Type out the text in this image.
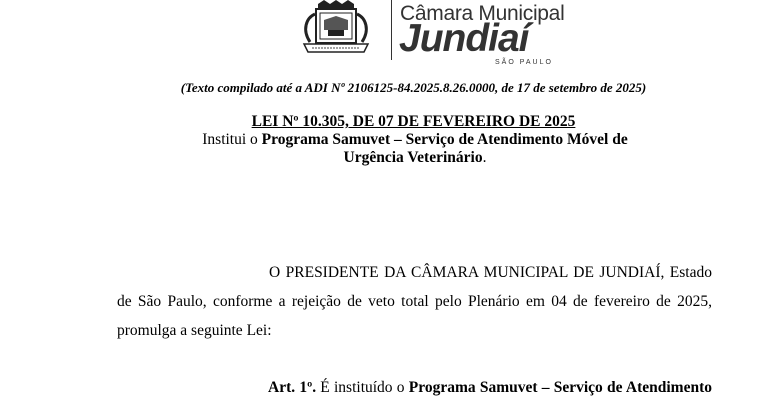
Câmara Municipal
Jundiaí
SÃO PAULO
(Texto compilado até a ADI Nº 2106125-84.2025.8.26.0000, de 17 de setembro de 2025)
LEI Nº 10.305, DE 07 DE FEVEREIRO DE 2025
Institui o Programa Samuvet – Serviço de Atendimento Móvel de Urgência Veterinário.
O PRESIDENTE DA CÂMARA MUNICIPAL DE JUNDIAÍ, Estado de São Paulo, conforme a rejeição de veto total pelo Plenário em 04 de fevereiro de 2025, promulga a seguinte Lei:
Art. 1º. É instituído o Programa Samuvet – Serviço de Atendimento
